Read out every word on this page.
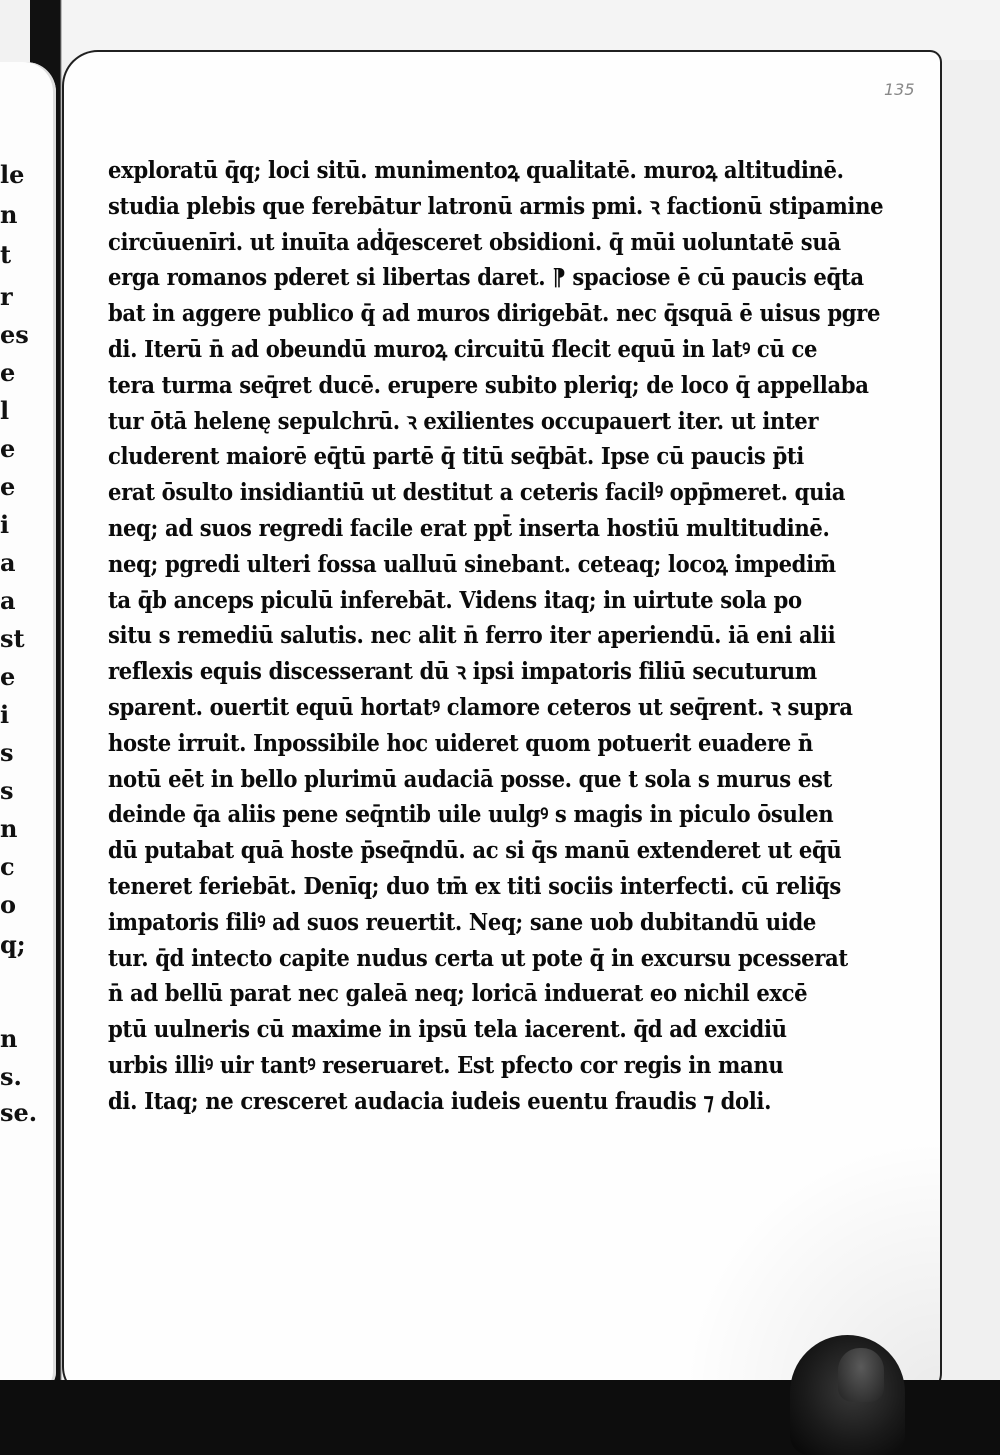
le
n
t
r
es
e
l
e
e
i
a
a
st
e
i
s
s
n
c
o
q;
n
s.
se.
135
exploratū q̄q; loci sitū. munimentoꝝ qualitatē. muroꝝ altitudinē.
studia plebis que ferebātur latronū armis pmi. ꝛ factionū stipamine
circūuenīri. ut inuīta aḋq̄esceret obsidioni. q̄ mūi uoluntatē suā
erga romanos pderet si libertas daret. ⁋ spaciose ē cū paucis eq̄ta
bat in aggere publico q̄ ad muros dirigebāt. nec q̄squā ē uisus pgre
di. Iterū n̄ ad obeundū muroꝝ circuitū flecit equū in latꝰ cū ce
tera turma seq̄ret ducē. erupere subito pleriq; de loco q̄ appellaba
tur ōtā helenę sepulchrū. ꝛ exilientes occupauert iter. ut inter
cluderent maiorē eq̄tū partē q̄ titū seq̄bāt. Ipse cū paucis p̄ti
erat ōsulto insidiantiū ut destitut a ceteris facilꝰ opp̄meret. quia
neq; ad suos regredi facile erat ppt̄ inserta hostiū multitudinē.
neq; pgredi ulteri fossa ualluū sinebant. ceteaq; locoꝝ impedim̄
ta q̄b anceps piculū inferebāt. Videns itaq; in uirtute sola po
situ s remediū salutis. nec alit n̄ ferro iter aperiendū. iā eni alii
reflexis equis discesserant dū ꝛ ipsi impatoris filiū secuturum
sparent. ouertit equū hortatꝰ clamore ceteros ut seq̄rent. ꝛ supra
hoste irruit. Inpossibile hoc uideret quom potuerit euadere n̄
notū eēt in bello plurimū audaciā posse. que t sola s murus est
deinde q̄a aliis pene seq̄ntib uile uulgꝰ s magis in piculo ōsulen
dū putabat quā hoste p̄seq̄ndū. ac si q̄s manū extenderet ut eq̄ū
teneret feriebāt. Denīq; duo tm̄ ex titi sociis interfecti. cū reliq̄s
impatoris filiꝰ ad suos reuertit. Neq; sane uob dubitandū uide
tur. q̄d intecto capite nudus certa ut pote q̄ in excursu pcesserat
n̄ ad bellū parat nec galeā neq; loricā induerat eo nichil excē
ptū uulneris cū maxime in ipsū tela iacerent. q̄d ad excidiū
urbis illiꝰ uir tantꝰ reseruaret. Est pfecto cor regis in manu
di. Itaq; ne cresceret audacia iudeis euentu fraudis ⁊ doli.
